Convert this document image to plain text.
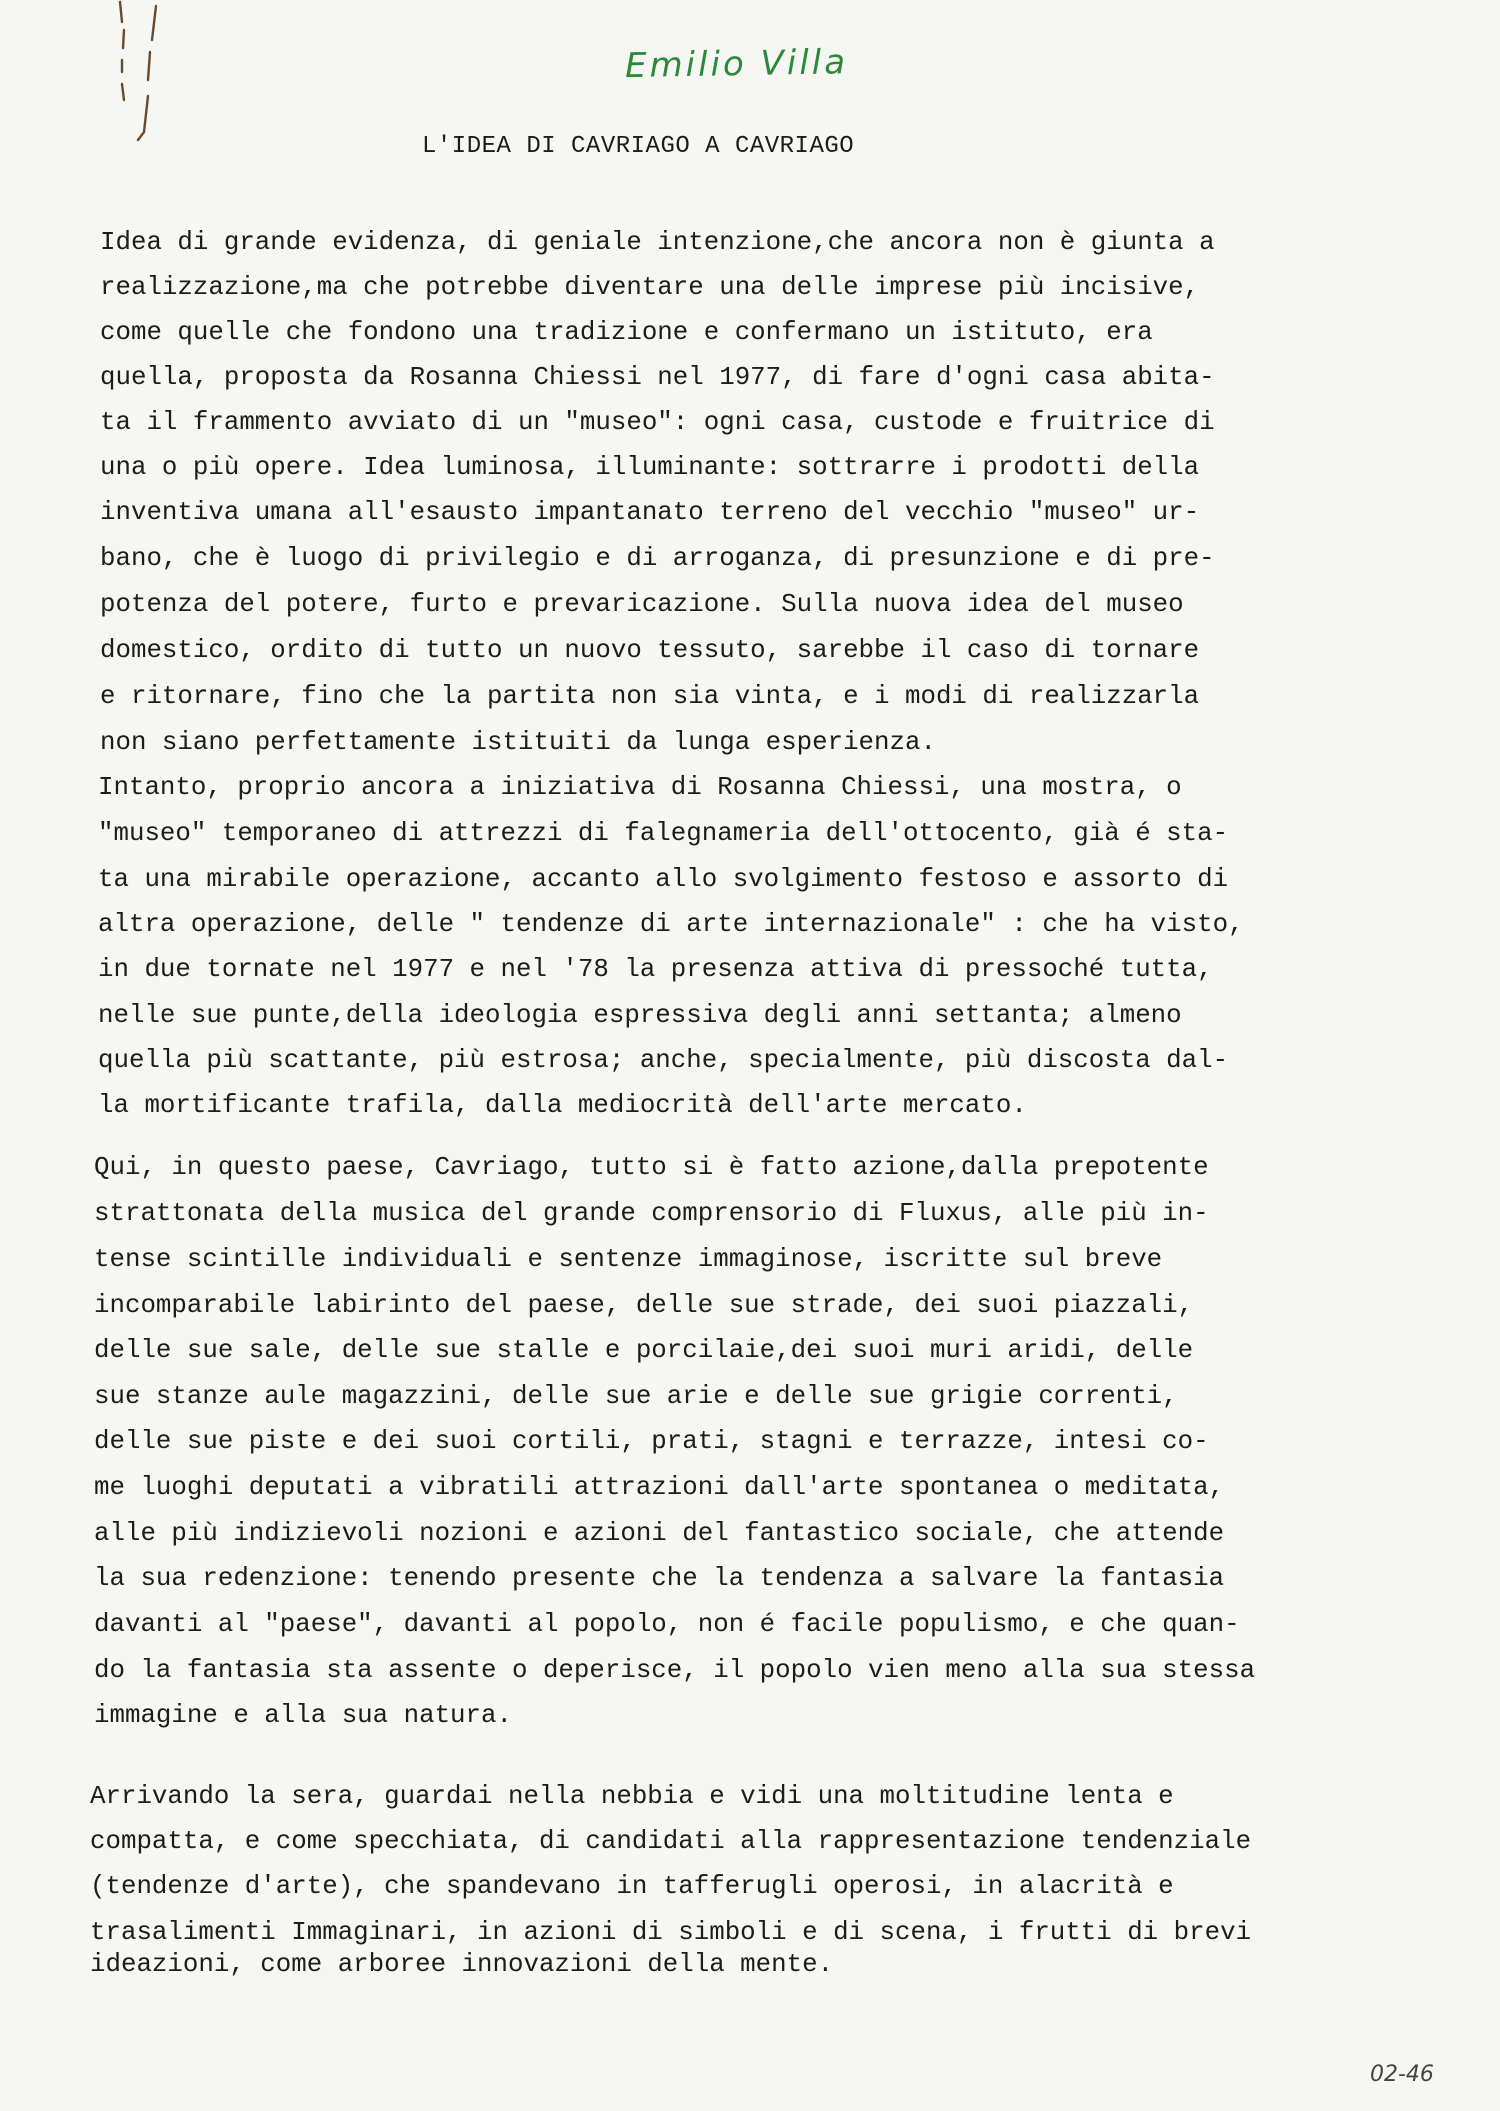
Emilio Villa
L'IDEA DI CAVRIAGO A CAVRIAGO
Idea di grande evidenza, di geniale intenzione,che ancora non è giunta a
realizzazione,ma che potrebbe diventare una delle imprese più incisive,
come quelle che fondono una tradizione e confermano un istituto, era
quella, proposta da Rosanna Chiessi nel 1977, di fare d'ogni casa abita-
ta il frammento avviato di un "museo": ogni casa, custode e fruitrice di
una o più opere. Idea luminosa, illuminante: sottrarre i prodotti della
inventiva umana all'esausto impantanato terreno del vecchio "museo" ur-
bano, che è luogo di privilegio e di arroganza, di presunzione e di pre-
potenza del potere, furto e prevaricazione. Sulla nuova idea del museo
domestico, ordito di tutto un nuovo tessuto, sarebbe il caso di tornare
e ritornare, fino che la partita non sia vinta, e i modi di realizzarla
non siano perfettamente istituiti da lunga esperienza.
Intanto, proprio ancora a iniziativa di Rosanna Chiessi, una mostra, o
"museo" temporaneo di attrezzi di falegnameria dell'ottocento, già é sta-
ta una mirabile operazione, accanto allo svolgimento festoso e assorto di
altra operazione, delle " tendenze di arte internazionale" : che ha visto,
in due tornate nel 1977 e nel '78 la presenza attiva di pressoché tutta,
nelle sue punte,della ideologia espressiva degli anni settanta; almeno
quella più scattante, più estrosa; anche, specialmente, più discosta dal-
la mortificante trafila, dalla mediocrità dell'arte mercato.
Qui, in questo paese, Cavriago, tutto si è fatto azione,dalla prepotente
strattonata della musica del grande comprensorio di Fluxus, alle più in-
tense scintille individuali e sentenze immaginose, iscritte sul breve
incomparabile labirinto del paese, delle sue strade, dei suoi piazzali,
delle sue sale, delle sue stalle e porcilaie,dei suoi muri aridi, delle
sue stanze aule magazzini, delle sue arie e delle sue grigie correnti,
delle sue piste e dei suoi cortili, prati, stagni e terrazze, intesi co-
me luoghi deputati a vibratili attrazioni dall'arte spontanea o meditata,
alle più indizievoli nozioni e azioni del fantastico sociale, che attende
la sua redenzione: tenendo presente che la tendenza a salvare la fantasia
davanti al "paese", davanti al popolo, non é facile populismo, e che quan-
do la fantasia sta assente o deperisce, il popolo vien meno alla sua stessa
immagine e alla sua natura.
Arrivando la sera, guardai nella nebbia e vidi una moltitudine lenta e
compatta, e come specchiata, di candidati alla rappresentazione tendenziale
(tendenze d'arte), che spandevano in tafferugli operosi, in alacrità e
trasalimenti Immaginari, in azioni di simboli e di scena, i frutti di brevi
ideazioni, come arboree innovazioni della mente.
02-46
